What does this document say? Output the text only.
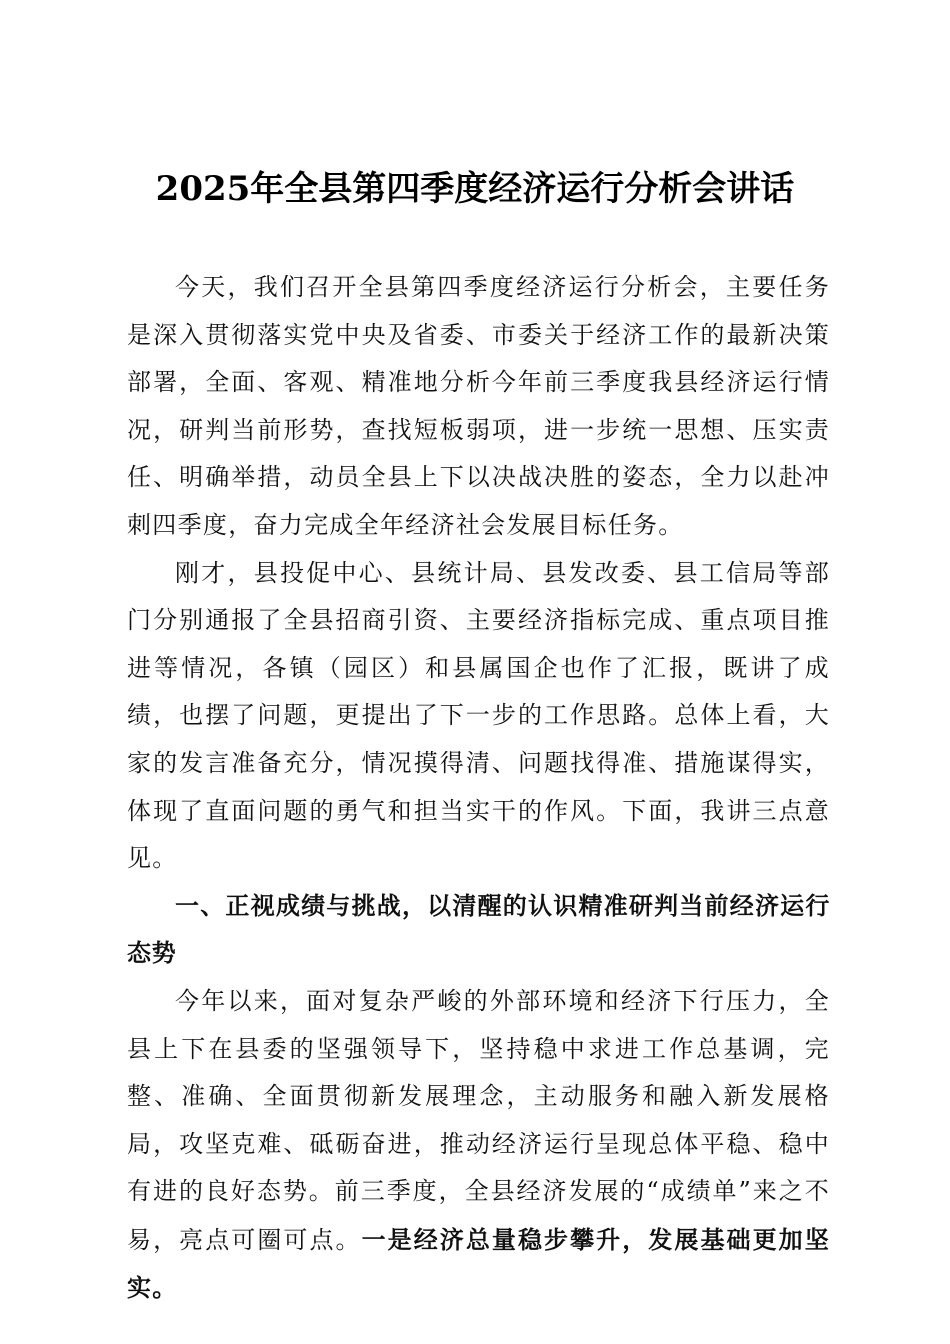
2025年全县第四季度经济运行分析会讲话

今天，我们召开全县第四季度经济运行分析会，主要任务是深入贯彻落实党中央及省委、市委关于经济工作的最新决策部署，全面、客观、精准地分析今年前三季度我县经济运行情况，研判当前形势，查找短板弱项，进一步统一思想、压实责任、明确举措，动员全县上下以决战决胜的姿态，全力以赴冲刺四季度，奋力完成全年经济社会发展目标任务。

刚才，县投促中心、县统计局、县发改委、县工信局等部门分别通报了全县招商引资、主要经济指标完成、重点项目推进等情况，各镇（园区）和县属国企也作了汇报，既讲了成绩，也摆了问题，更提出了下一步的工作思路。总体上看，大家的发言准备充分，情况摸得清、问题找得准、措施谋得实，体现了直面问题的勇气和担当实干的作风。下面，我讲三点意见。

一、正视成绩与挑战，以清醒的认识精准研判当前经济运行态势

今年以来，面对复杂严峻的外部环境和经济下行压力，全县上下在县委的坚强领导下，坚持稳中求进工作总基调，完整、准确、全面贯彻新发展理念，主动服务和融入新发展格局，攻坚克难、砥砺奋进，推动经济运行呈现总体平稳、稳中有进的良好态势。前三季度，全县经济发展的“成绩单”来之不易，亮点可圈可点。一是经济总量稳步攀升，发展基础更加坚实。
